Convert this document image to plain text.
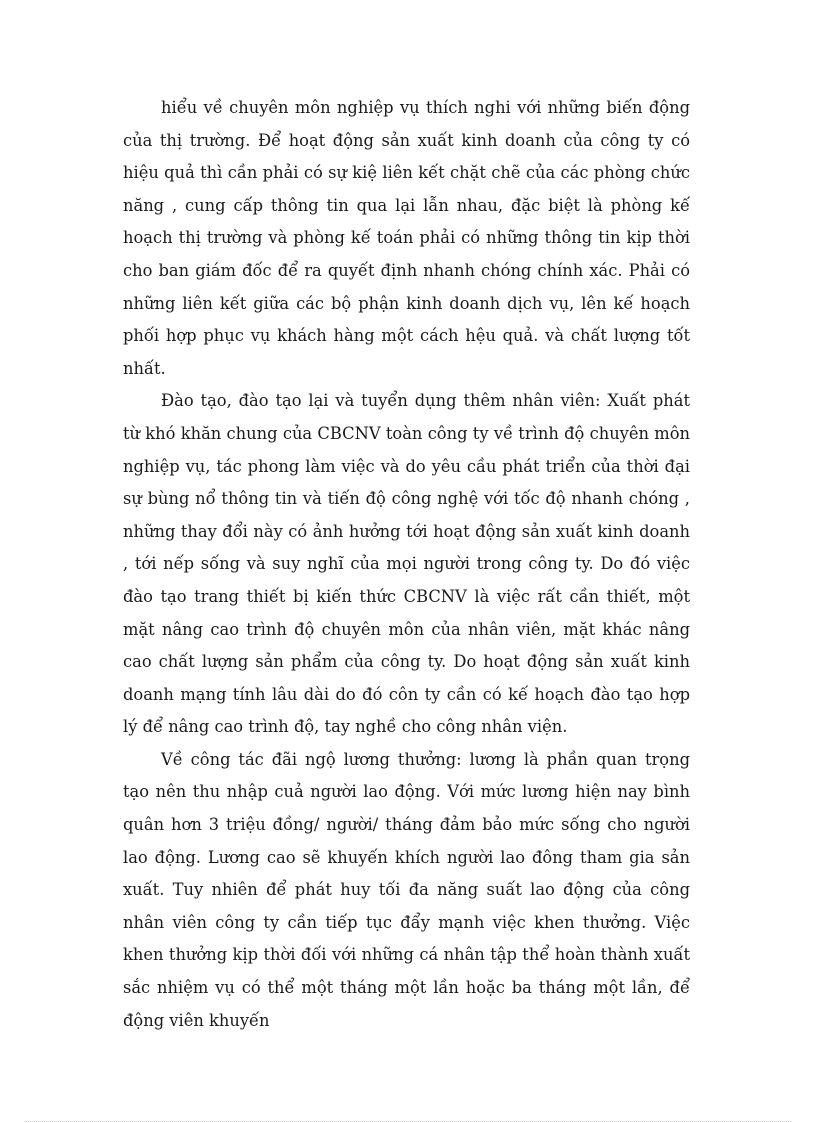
hiểu về chuyên môn nghiệp vụ thích nghi với những biến động của thị trường. Để hoạt động sản xuất kinh doanh của công ty có hiệu quả thì cần phải có sự kiệ liên kết chặt chẽ của các phòng chức năng , cung cấp thông tin qua lại lẫn nhau, đặc biệt là phòng kế hoạch thị trường và phòng kế toán phải có những thông tin kịp thời cho ban giám đốc để ra quyết định nhanh chóng chính xác. Phải có những liên kết giữa các bộ phận kinh doanh dịch vụ, lên kế hoạch phối hợp phục vụ khách hàng một cách hệu quả. và chất lượng tốt nhất.

Đào tạo, đào tạo lại và tuyển dụng thêm nhân viên: Xuất phát từ khó khăn chung của CBCNV toàn công ty về trình độ chuyên môn nghiệp vụ, tác phong làm việc và do yêu cầu phát triển của thời đại sự bùng nổ thông tin và tiến độ công nghệ với tốc độ nhanh chóng , những thay đổi này có ảnh hưởng tới hoạt động sản xuất kinh doanh , tới nếp sống và suy nghĩ của mọi người trong công ty. Do đó việc đào tạo trang thiết bị kiến thức CBCNV là việc rất cần thiết, một mặt nâng cao trình độ chuyên môn của nhân viên, mặt khác nâng cao chất lượng sản phẩm của công ty. Do hoạt động sản xuất kinh doanh mạng tính lâu dài do đó côn ty cần có kế hoạch đào tạo hợp lý để nâng cao trình độ, tay nghề cho công nhân viện.

Về công tác đãi ngộ lương thưởng: lương là phần quan trọng tạo nên thu nhập cuả người lao động. Với mức lương hiện nay bình quân hơn 3 triệu đồng/ người/ tháng đảm bảo mức sống cho người lao động. Lương cao sẽ khuyến khích người lao đông tham gia sản xuất. Tuy nhiên để phát huy tối đa năng suất lao động của công nhân viên công ty cần tiếp tục đẩy mạnh việc khen thưởng. Việc khen thưởng kịp thời đối với những cá nhân tập thể hoàn thành xuất sắc nhiệm vụ có thể một tháng một lần hoặc ba tháng một lần, để động viên khuyến
